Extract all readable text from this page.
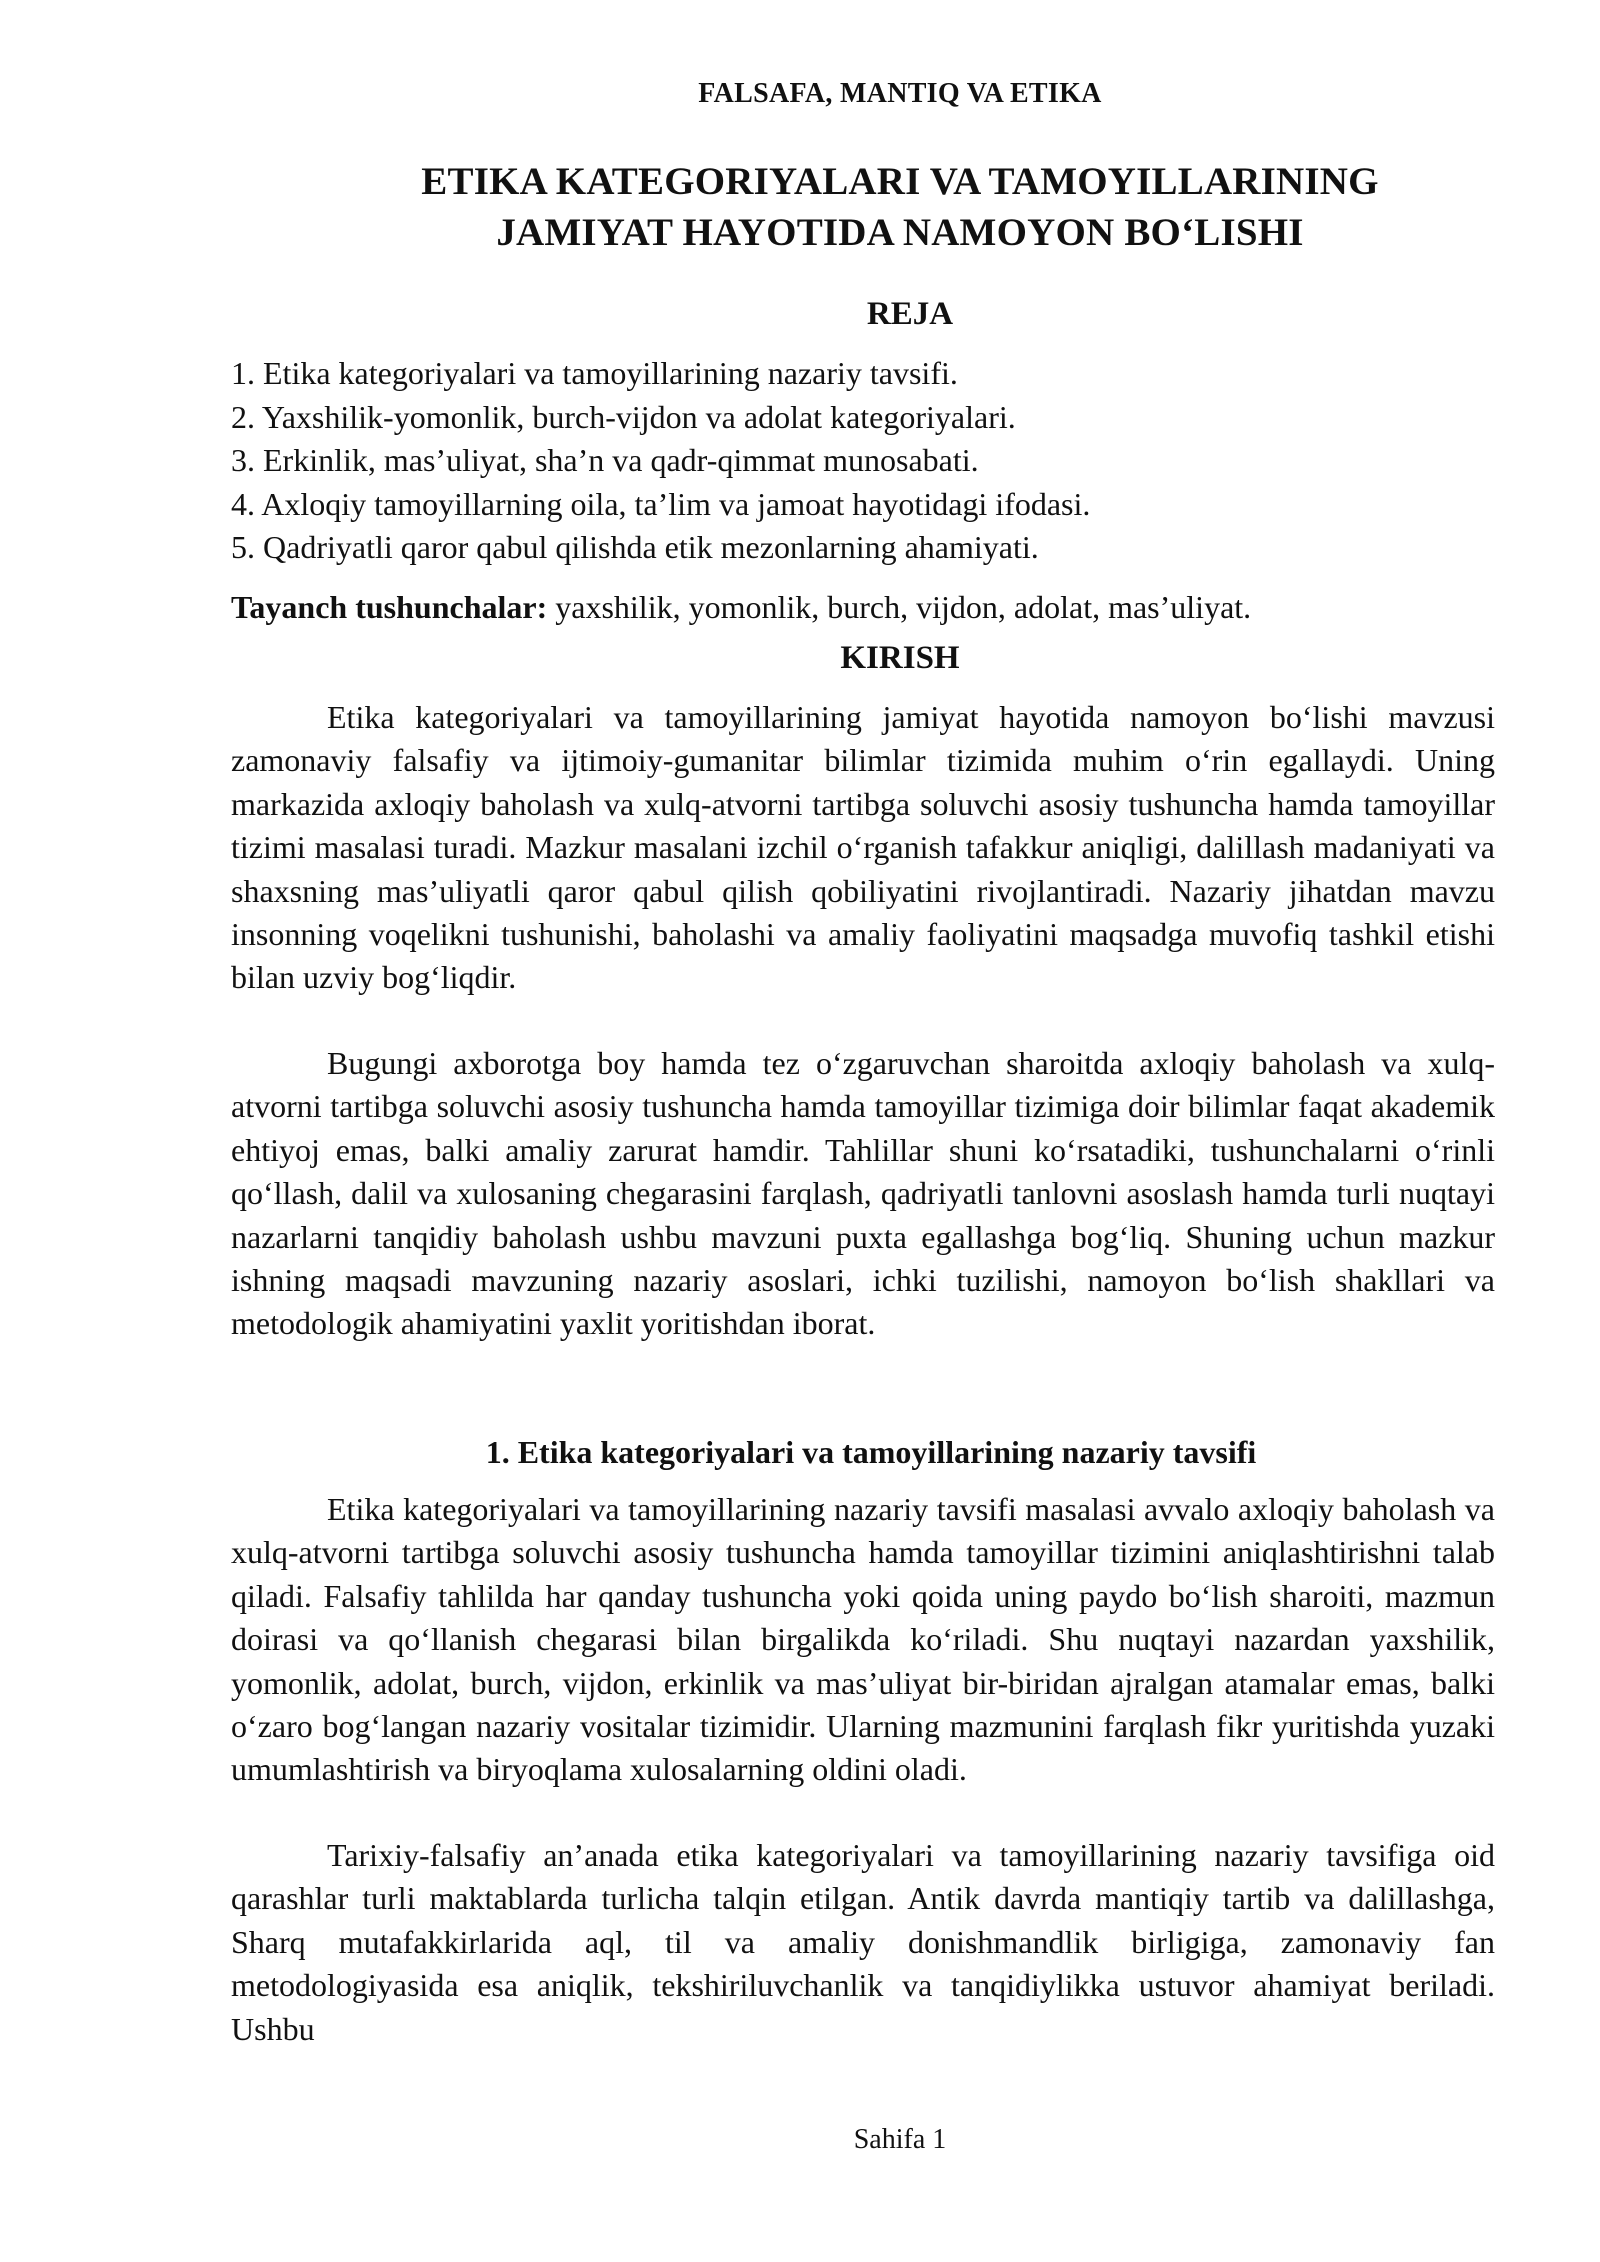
FALSAFA, MANTIQ VA ETIKA
ETIKA KATEGORIYALARI VA TAMOYILLARINING
JAMIYAT HAYOTIDA NAMOYON BO‘LISHI
REJA
1. Etika kategoriyalari va tamoyillarining nazariy tavsifi.
2. Yaxshilik-yomonlik, burch-vijdon va adolat kategoriyalari.
3. Erkinlik, mas’uliyat, sha’n va qadr-qimmat munosabati.
4. Axloqiy tamoyillarning oila, ta’lim va jamoat hayotidagi ifodasi.
5. Qadriyatli qaror qabul qilishda etik mezonlarning ahamiyati.
Tayanch tushunchalar: yaxshilik, yomonlik, burch, vijdon, adolat, mas’uliyat.
KIRISH

Etika kategoriyalari va tamoyillarining jamiyat hayotida namoyon bo‘lishi mavzusi zamonaviy falsafiy va ijtimoiy-gumanitar bilimlar tizimida muhim o‘rin egallaydi. Uning markazida axloqiy baholash va xulq-atvorni tartibga soluvchi asosiy tushuncha hamda tamoyillar tizimi masalasi turadi. Mazkur masalani izchil o‘rganish tafakkur aniqligi, dalillash madaniyati va shaxsning mas’uliyatli qaror qabul qilish qobiliyatini rivojlantiradi. Nazariy jihatdan mavzu insonning voqelikni tushunishi, baholashi va amaliy faoliyatini maqsadga muvofiq tashkil etishi bilan uzviy bog‘liqdir.

Bugungi axborotga boy hamda tez o‘zgaruvchan sharoitda axloqiy baholash va xulq-atvorni tartibga soluvchi asosiy tushuncha hamda tamoyillar tizimiga doir bilimlar faqat akademik ehtiyoj emas, balki amaliy zarurat hamdir. Tahlillar shuni ko‘rsatadiki, tushunchalarni o‘rinli qo‘llash, dalil va xulosaning chegarasini farqlash, qadriyatli tanlovni asoslash hamda turli nuqtayi nazarlarni tanqidiy baholash ushbu mavzuni puxta egallashga bog‘liq. Shuning uchun mazkur ishning maqsadi mavzuning nazariy asoslari, ichki tuzilishi, namoyon bo‘lish shakllari va metodologik ahamiyatini yaxlit yoritishdan iborat.

1. Etika kategoriyalari va tamoyillarining nazariy tavsifi

Etika kategoriyalari va tamoyillarining nazariy tavsifi masalasi avvalo axloqiy baholash va xulq-atvorni tartibga soluvchi asosiy tushuncha hamda tamoyillar tizimini aniqlashtirishni talab qiladi. Falsafiy tahlilda har qanday tushuncha yoki qoida uning paydo bo‘lish sharoiti, mazmun doirasi va qo‘llanish chegarasi bilan birgalikda ko‘riladi. Shu nuqtayi nazardan yaxshilik, yomonlik, adolat, burch, vijdon, erkinlik va mas’uliyat bir-biridan ajralgan atamalar emas, balki o‘zaro bog‘langan nazariy vositalar tizimidir. Ularning mazmunini farqlash fikr yuritishda yuzaki umumlashtirish va biryoqlama xulosalarning oldini oladi.

Tarixiy-falsafiy an’anada etika kategoriyalari va tamoyillarining nazariy tavsifiga oid qarashlar turli maktablarda turlicha talqin etilgan. Antik davrda mantiqiy tartib va dalillashga, Sharq mutafakkirlarida aql, til va amaliy donishmandlik birligiga, zamonaviy fan metodologiyasida esa aniqlik, tekshiriluvchanlik va tanqidiylikka ustuvor ahamiyat beriladi. Ushbu

Sahifa 1
